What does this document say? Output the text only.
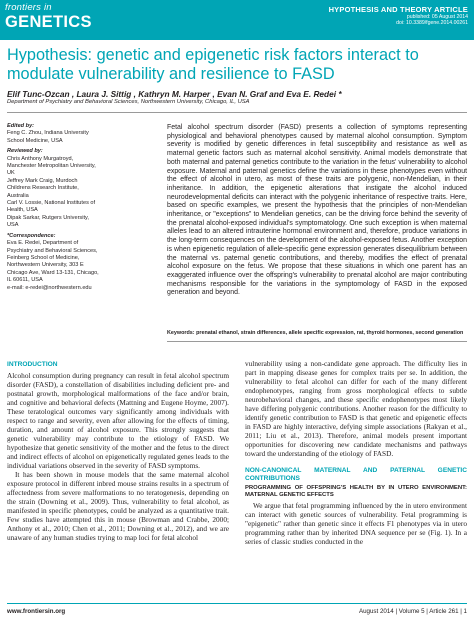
frontiers in
GENETICS
HYPOTHESIS AND THEORY ARTICLE
published: 05 August 2014
doi: 10.3389/fgene.2014.00261
Hypothesis: genetic and epigenetic risk factors interact to modulate vulnerability and resilience to FASD
Elif Tunc-Ozcan , Laura J. Sittig , Kathryn M. Harper , Evan N. Graf and Eva E. Redei *
Department of Psychiatry and Behavioral Sciences, Northwestern University, Chicago, IL, USA
Edited by:
Feng C. Zhou, Indiana University
School Medicine, USA
Reviewed by:
Chris Anthony Murgatroyd,
Manchester Metropolitan University,
UK
Jeffrey Mark Craig, Murdoch
Childrens Research Institute,
Australia
Carl V. Lossie, National Institutes of
Health, USA
Dipak Sarkar, Rutgers University,
USA
*Correspondence:
Eva E. Redei, Department of
Psychiatry and Behavioral Sciences,
Feinberg School of Medicine,
Northwestern University, 303 E
Chicago Ave, Ward 13-131, Chicago,
IL 60611, USA
e-mail: e-redei@northwestern.edu
Fetal alcohol spectrum disorder (FASD) presents a collection of symptoms representing physiological and behavioral phenotypes caused by maternal alcohol consumption. Symptom severity is modified by genetic differences in fetal susceptibility and resistance as well as maternal genetic factors such as maternal alcohol sensitivity. Animal models demonstrate that both maternal and paternal genetics contribute to the variation in the fetus' vulnerability to alcohol exposure. Maternal and paternal genetics define the variations in these phenotypes even without the effect of alcohol in utero, as most of these traits are polygenic, non-Mendelian, in their inheritance. In addition, the epigenetic alterations that instigate the alcohol induced neurodevelopmental deficits can interact with the polygenic inheritance of respective traits. Here, based on specific examples, we present the hypothesis that the principles of non-Mendelian inheritance, or "exceptions" to Mendelian genetics, can be the driving force behind the severity of the prenatal alcohol-exposed individual's symptomatology. One such exception is when maternal alleles lead to an altered intrauterine hormonal environment and, therefore, produce variations in the long-term consequences on the development of the alcohol-exposed fetus. Another exception is when epigenetic regulation of allele-specific gene expression generates disequilibrium between the maternal vs. paternal genetic contributions, and thereby, modifies the effect of prenatal alcohol exposure on the fetus. We propose that these situations in which one parent has an exaggerated influence over the offspring's vulnerability to prenatal alcohol are major contributing mechanisms responsible for the variations in the symptomology of FASD in the exposed generation and beyond.
Keywords: prenatal ethanol, strain differences, allele specific expression, rat, thyroid hormones, second generation
INTRODUCTION

Alcohol consumption during pregnancy can result in fetal alcohol spectrum disorder (FASD), a constellation of disabilities including deficient pre- and postnatal growth, morphological malformations of the face and/or brain, and cognitive and behavioral defects (Mattning and Eugene Hoyme, 2007). These teratological outcomes vary significantly among individuals with respect to range and severity, even after allowing for the effects of timing, duration, and amount of alcohol exposure. This strongly suggests that genetic vulnerability may contribute to the etiology of FASD. We hypothesize that genetic sensitivity of the mother and the fetus to the direct and indirect effects of alcohol on epigenetically regulated genes leads to the individual variations observed in the severity of FASD symptoms.

It has been shown in mouse models that the same maternal alcohol exposure protocol in different inbred mouse strains results in a spectrum of affectedness from severe malformations to no teratogenesis, depending on the strain (Downing et al., 2009). Thus, vulnerability to fetal alcohol, as manifested in specific phenotypes, could be analyzed as a quantitative trait. Few studies have attempted this in mouse (Browman and Crabbe, 2000; Anthony et al., 2010; Chen et al., 2011; Downing et al., 2012), and we are unaware of any human studies trying to map loci for fetal alcohol

vulnerability using a non-candidate gene approach. The difficulty lies in part in mapping disease genes for complex traits per se. In addition, the vulnerability to fetal alcohol can differ for each of the many different endophenotypes, ranging from gross morphological effects to subtle neurobehavioral changes, and these specific endophenotypes most likely have differing polygenic contributions. Another reason for the difficulty to identify genetic contribution to FASD is that genetic and epigenetic effects in FASD are highly interactive, defying simple associations (Rakyan et al., 2011; Liu et al., 2013). Therefore, animal models present important opportunities for discovering new candidate mechanisms and pathways toward the understanding of the etiology of FASD.

NON-CANONICAL MATERNAL AND PATERNAL GENETIC CONTRIBUTIONS
PROGRAMMING OF OFFSPRING'S HEALTH BY IN UTERO ENVIRONMENT: MATERNAL GENETIC EFFECTS

We argue that fetal programming influenced by the in utero environment can interact with genetic sources of vulnerability. Fetal programming is "epigenetic" rather than genetic since it effects F1 phenotypes via in utero programming rather than by inherited DNA sequence per se (Fig. 1). In a series of classic studies conducted in the

www.frontiersin.org	August 2014 | Volume 5 | Article 261 | 1
